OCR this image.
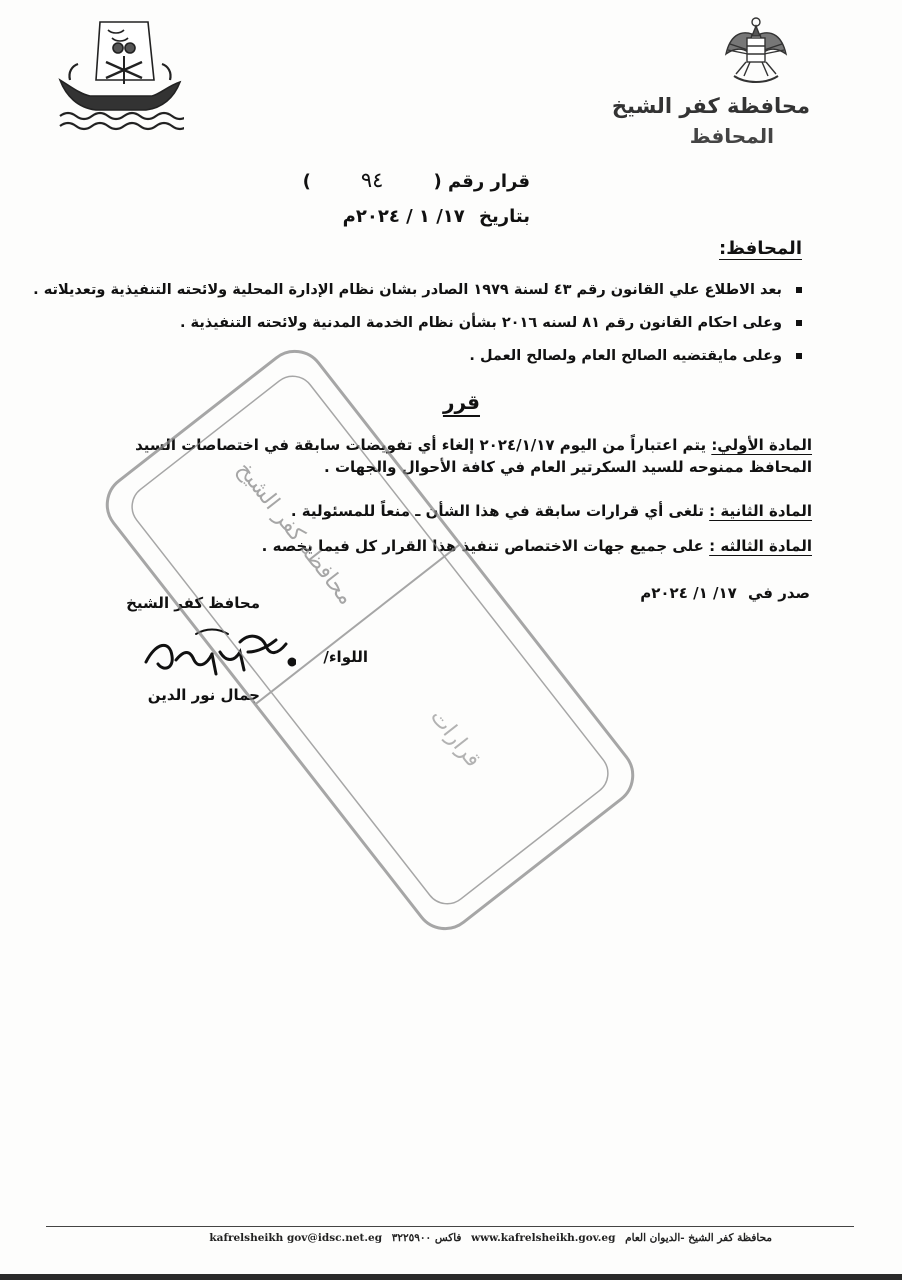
محافظة كفر الشيخ
المحافظ
قرار رقم ( ٩٤ )
بتاريخ ١٧/ ١ / ٢٠٢٤م
المحافظ:
بعد الاطلاع علي القانون رقم ٤٣ لسنة ١٩٧٩ الصادر بشان نظام الإدارة المحلية ولائحته التنفيذية وتعديلاته .
وعلى احكام القانون رقم ٨١ لسنه ٢٠١٦ بشأن نظام الخدمة المدنية ولائحته التنفيذية .
وعلى مايقتضيه الصالح العام ولصالح العمل .
قرر
المادة الأولي: يتم اعتباراً من اليوم ٢٠٢٤/١/١٧ إلغاء أي تفويضات سابقة في اختصاصات السيد المحافظ ممنوحه للسيد السكرتير العام في كافة الأحوال والجهات .
المادة الثانية : تلغى أي قرارات سابقة في هذا الشأن ـ منعاً للمسئولية .
المادة الثالثه : على جميع جهات الاختصاص تنفيذ هذا القرار كل فيما يخصه .
صدر في ١٧/ ١/ ٢٠٢٤م
محافظ كفر الشيخ
اللواء/
جمال نور الدين
محافظة كفر الشيخ
قرارات
محافظة كفر الشيخ -الديوان العام www.kafrelsheikh.gov.eg فاكس ٣٢٢٥٩٠٠ kafrelsheikh gov@idsc.net.eg
